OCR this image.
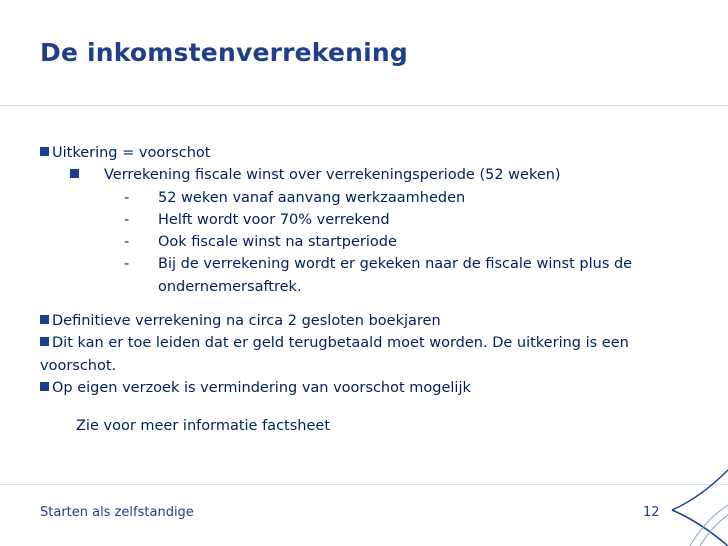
De inkomstenverrekening
Uitkering = voorschot
Verrekening fiscale winst over verrekeningsperiode (52 weken)
- 52 weken vanaf aanvang werkzaamheden
- Helft wordt voor 70% verrekend
- Ook fiscale winst na startperiode
- Bij de verrekening wordt er gekeken naar de fiscale winst plus de
ondernemersaftrek.
Definitieve verrekening na circa 2 gesloten boekjaren
Dit kan er toe leiden dat er geld terugbetaald moet worden. De uitkering is een
voorschot.
Op eigen verzoek is vermindering van voorschot mogelijk
Zie voor meer informatie factsheet
Starten als zelfstandige	12
